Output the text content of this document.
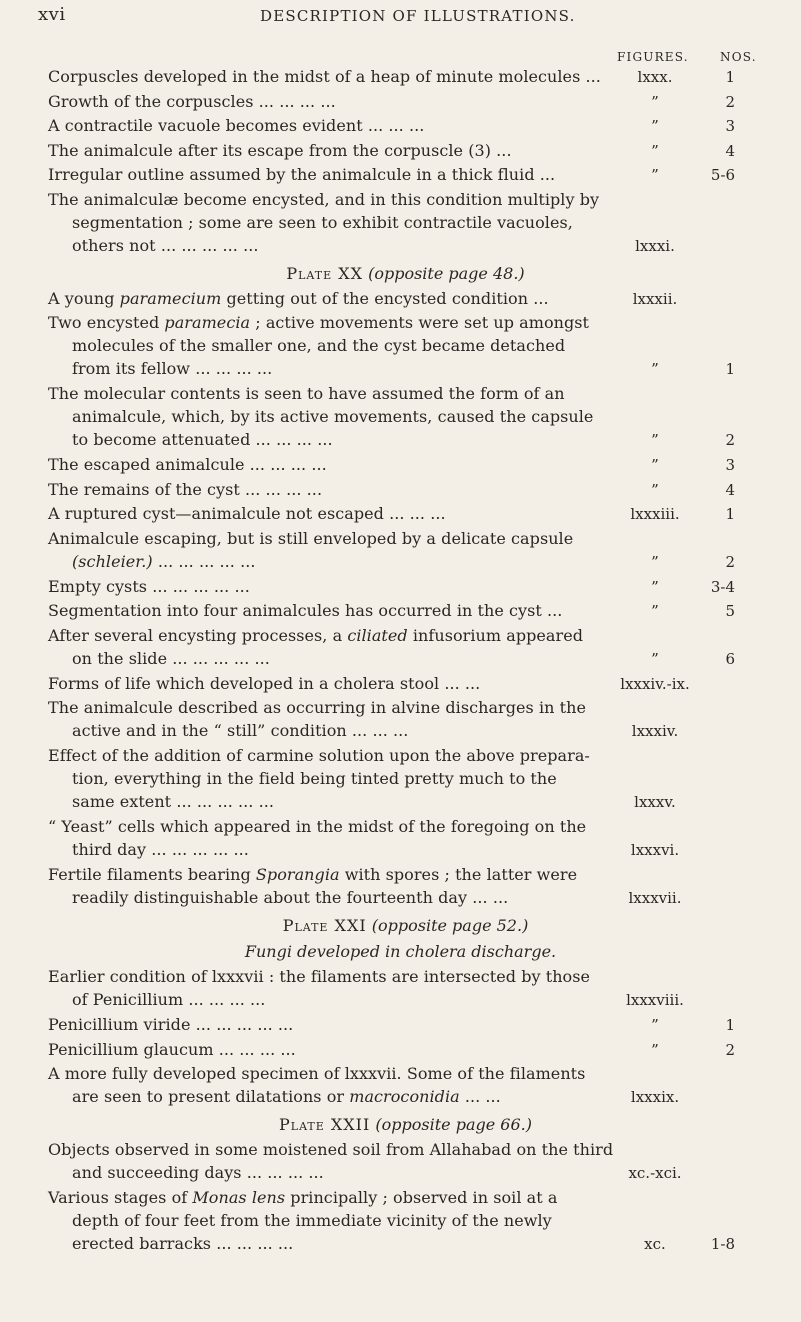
xvi	DESCRIPTION OF ILLUSTRATIONS.
FIGURES.	NOS.
Corpuscles developed in the midst of a heap of minute molecules ...	lxxx.	1
Growth of the corpuscles ... ... ... ...	”	2
A contractile vacuole becomes evident ... ... ...	”	3
The animalcule after its escape from the corpuscle (3) ...	”	4
Irregular outline assumed by the animalcule in a thick fluid ...	”	5-6
The animalculæ become encysted, and in this condition multiply by
segmentation ; some are seen to exhibit contractile vacuoles,
others not ... ... ... ... ...	lxxxi.
Plate XX (opposite page 48.)
A young paramecium getting out of the encysted condition ...	lxxxii.
Two encysted paramecia ; active movements were set up amongst
molecules of the smaller one, and the cyst became detached
from its fellow ... ... ... ...	”	1
The molecular contents is seen to have assumed the form of an
animalcule, which, by its active movements, caused the capsule
to become attenuated ... ... ... ...	”	2
The escaped animalcule ... ... ... ...	”	3
The remains of the cyst ... ... ... ...	”	4
A ruptured cyst—animalcule not escaped ... ... ...	lxxxiii.	1
Animalcule escaping, but is still enveloped by a delicate capsule
(schleier.) ... ... ... ... ...	”	2
Empty cysts ... ... ... ... ...	”	3-4
Segmentation into four animalcules has occurred in the cyst ...	”	5
After several encysting processes, a ciliated infusorium appeared
on the slide ... ... ... ... ...	”	6
Forms of life which developed in a cholera stool ... ...	lxxxiv.-ix.
The animalcule described as occurring in alvine discharges in the
active and in the “ still” condition ... ... ...	lxxxiv.
Effect of the addition of carmine solution upon the above prepara-
tion, everything in the field being tinted pretty much to the
same extent ... ... ... ... ...	lxxxv.
“ Yeast” cells which appeared in the midst of the foregoing on the
third day ... ... ... ... ...	lxxxvi.
Fertile filaments bearing Sporangia with spores ; the latter were
readily distinguishable about the fourteenth day ... ...	lxxxvii.
Plate XXI (opposite page 52.)
Fungi developed in cholera discharge.
Earlier condition of lxxxvii : the filaments are intersected by those
of Penicillium ... ... ... ...	lxxxviii.
Penicillium viride ... ... ... ... ...	”	1
Penicillium glaucum ... ... ... ...	”	2
A more fully developed specimen of lxxxvii. Some of the filaments
are seen to present dilatations or macroconidia ... ...	lxxxix.
Plate XXII (opposite page 66.)
Objects observed in some moistened soil from Allahabad on the third
and succeeding days ... ... ... ...	xc.-xci.
Various stages of Monas lens principally ; observed in soil at a
depth of four feet from the immediate vicinity of the newly
erected barracks ... ... ... ...	xc.	1-8
